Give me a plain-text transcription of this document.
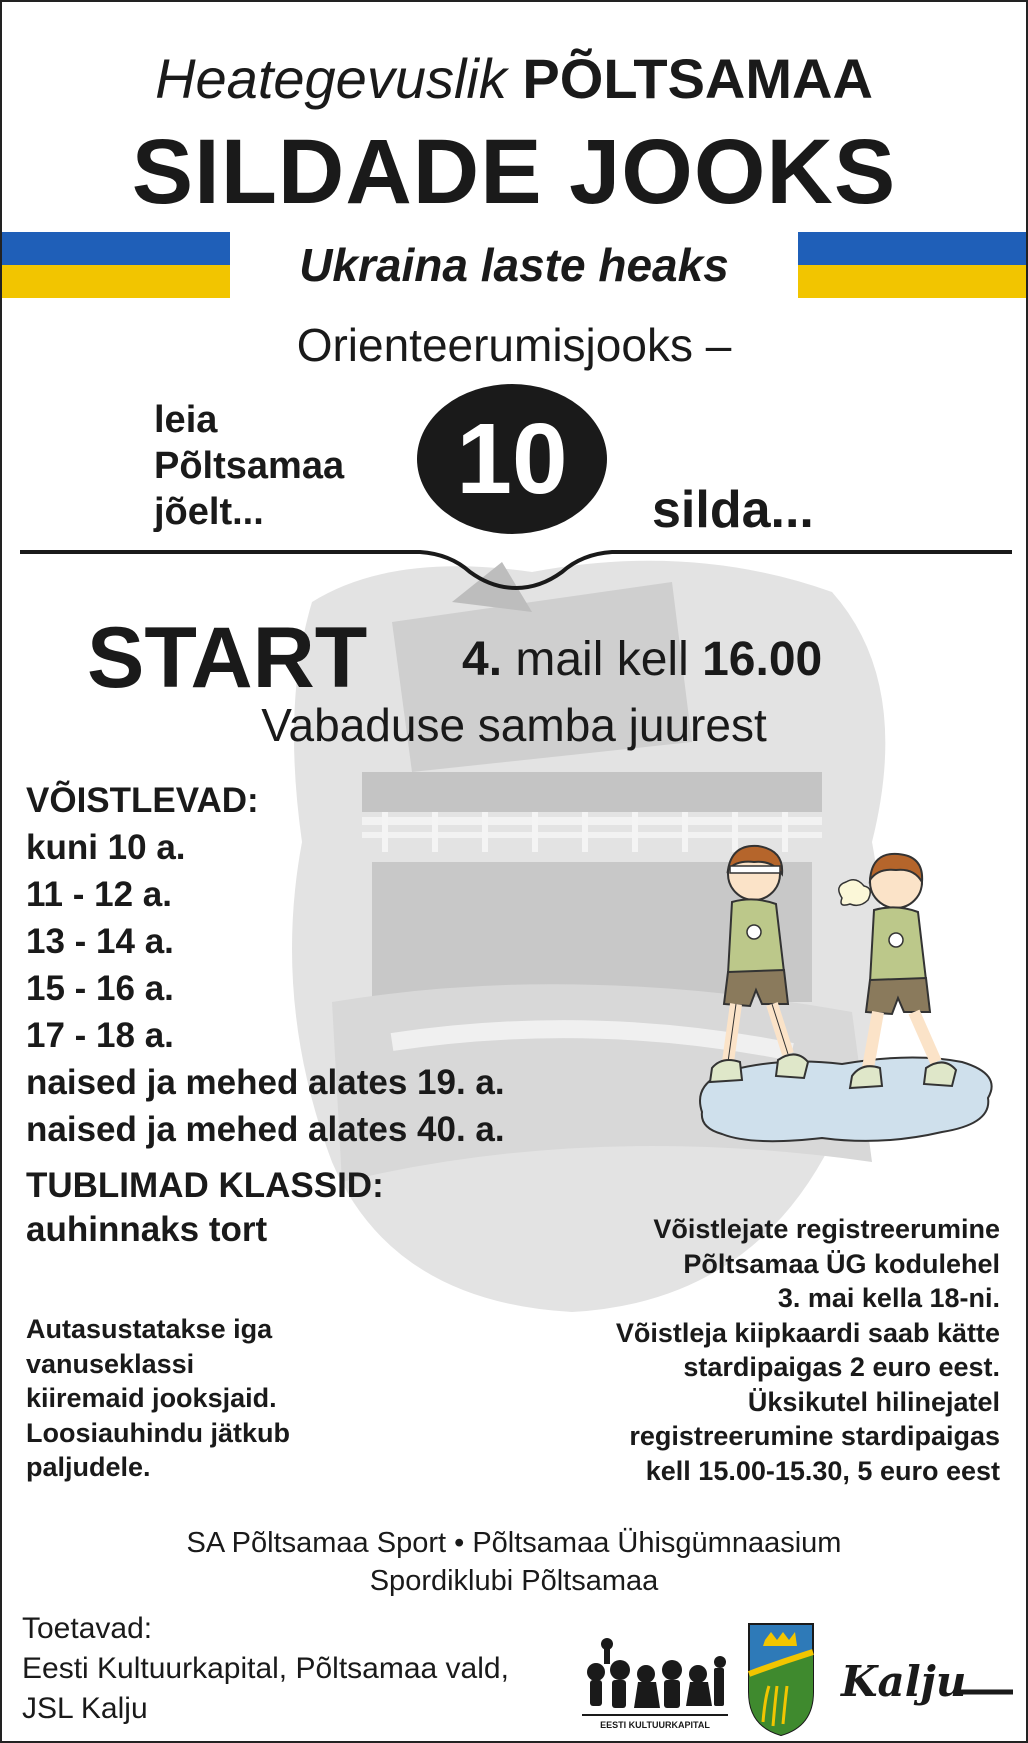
Heategevuslik PÕLTSAMAA
SILDADE JOOKS
Ukraina laste heaks
Orienteerumisjooks –
leia
Põltsamaa
jõelt...	10	silda...
START 4. mail kell 16.00
Vabaduse samba juurest
VÕISTLEVAD:
kuni 10 a.
11 - 12 a.
13 - 14 a.
15 - 16 a.
17 - 18 a.
naised ja mehed alates 19. a.
naised ja mehed alates 40. a.
TUBLIMAD KLASSID:
auhinnaks tort	Võistlejate registreerumine
Põltsamaa ÜG kodulehel
3. mai kella 18-ni.
Võistleja kiipkaardi saab kätte
stardipaigas 2 euro eest.
Üksikutel hilinejatel
registreerumine stardipaigas
kell 15.00-15.30, 5 euro eest
Autasustatakse iga
vanuseklassi
kiiremaid jooksjaid.
Loosiauhindu jätkub
paljudele.
SA Põltsamaa Sport • Põltsamaa Ühisgümnaasium
Spordiklubi Põltsamaa
Toetavad:
Eesti Kultuurkapital, Põltsamaa vald,
JSL Kalju	EESTI KULTUURKAPITAL
Kalju
